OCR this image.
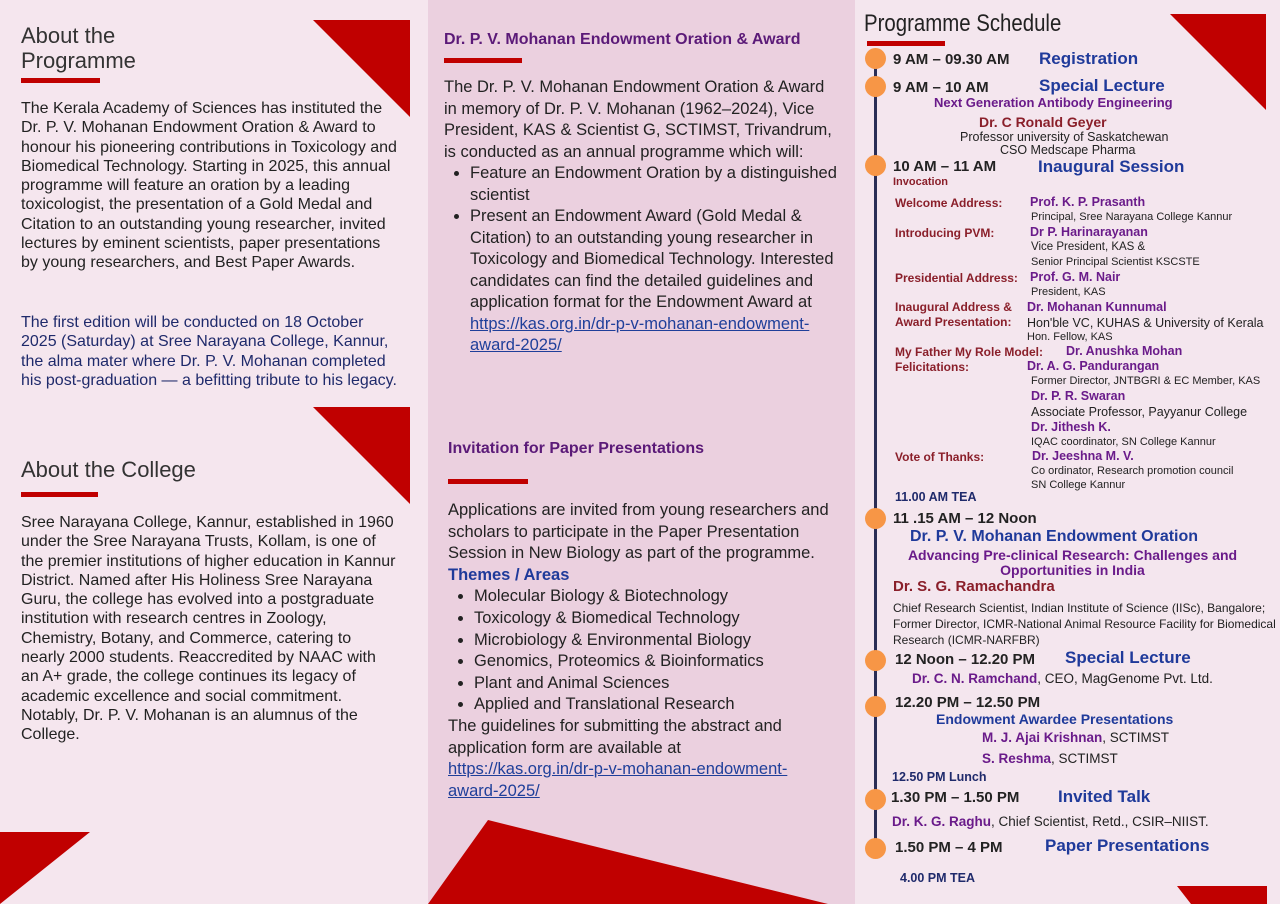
About the Programme
The Kerala Academy of Sciences has instituted the Dr. P. V. Mohanan Endowment Oration & Award to honour his pioneering contributions in Toxicology and Biomedical Technology. Starting in 2025, this annual programme will feature an oration by a leading toxicologist, the presentation of a Gold Medal and Citation to an outstanding young researcher, invited lectures by eminent scientists, paper presentations by young researchers, and Best Paper Awards.
The first edition will be conducted on 18 October 2025 (Saturday) at Sree Narayana College, Kannur, the alma mater where Dr. P. V. Mohanan completed his post-graduation — a befitting tribute to his legacy.
About the College
Sree Narayana College, Kannur, established in 1960 under the Sree Narayana Trusts, Kollam, is one of the premier institutions of higher education in Kannur District. Named after His Holiness Sree Narayana Guru, the college has evolved into a postgraduate institution with research centres in Zoology, Chemistry, Botany, and Commerce, catering to nearly 2000 students. Reaccredited by NAAC with an A+ grade, the college continues its legacy of academic excellence and social commitment. Notably, Dr. P. V. Mohanan is an alumnus of the College.
Dr. P. V. Mohanan Endowment Oration & Award
The Dr. P. V. Mohanan Endowment Oration & Award in memory of Dr. P. V. Mohanan (1962–2024), Vice President, KAS & Scientist G, SCTIMST, Trivandrum, is conducted as an annual programme which will:
• Feature an Endowment Oration by a distinguished scientist
• Present an Endowment Award (Gold Medal & Citation) to an outstanding young researcher in Toxicology and Biomedical Technology. Interested candidates can find the detailed guidelines and application format for the Endowment Award at https://kas.org.in/dr-p-v-mohanan-endowment-award-2025/
Invitation for Paper Presentations
Applications are invited from young researchers and scholars to participate in the Paper Presentation Session in New Biology as part of the programme.
Themes / Areas
• Molecular Biology & Biotechnology
• Toxicology & Biomedical Technology
• Microbiology & Environmental Biology
• Genomics, Proteomics & Bioinformatics
• Plant and Animal Sciences
• Applied and Translational Research
The guidelines for submitting the abstract and application form are available at https://kas.org.in/dr-p-v-mohanan-endowment-award-2025/
Programme Schedule
9 AM – 09.30 AM Registration
9 AM – 10 AM	Special Lecture
Next Generation Antibody Engineering
Dr. C Ronald Geyer
Professor university of Saskatchewan
CSO Medscape Pharma
10 AM – 11 AM Inaugural Session
Invocation
Welcome Address: Prof. K. P. Prasanth
Principal, Sree Narayana College Kannur
Introducing PVM:	Dr P. Harinarayanan
Vice President, KAS &
Senior Principal Scientist KSCSTE
Presidential Address: Prof. G. M. Nair
President, KAS
Inaugural Address & Award Presentation:
Dr. Mohanan Kunnumal
Hon'ble VC, KUHAS & University of Kerala
Hon. Fellow, KAS
My Father My Role Model: Dr. Anushka Mohan
Felicitations:	Dr. A. G. Pandurangan
Former Director, JNTBGRI & EC Member, KAS
Dr. P. R. Swaran
Associate Professor, Payyanur College
Dr. Jithesh K.
IQAC coordinator, SN College Kannur
Vote of Thanks:	Dr. Jeeshna M. V.
Co ordinator, Research promotion council
SN College Kannur
11.00 AM TEA
11 .15 AM – 12 Noon
Dr. P. V. Mohanan Endowment Oration
Advancing Pre-clinical Research: Challenges and Opportunities in India
Dr. S. G. Ramachandra
Chief Research Scientist, Indian Institute of Science (IISc), Bangalore; Former Director, ICMR-National Animal Resource Facility for Biomedical Research (ICMR-NARFBR)
12 Noon – 12.20 PM Special Lecture
Dr. C. N. Ramchand, CEO, MagGenome Pvt. Ltd.
12.20 PM – 12.50 PM
Endowment Awardee Presentations
M. J. Ajai Krishnan, SCTIMST
S. Reshma, SCTIMST
12.50 PM Lunch
1.30 PM – 1.50 PM Invited Talk
Dr. K. G. Raghu, Chief Scientist, Retd., CSIR–NIIST.
1.50 PM – 4 PM Paper Presentations
4.00 PM TEA
